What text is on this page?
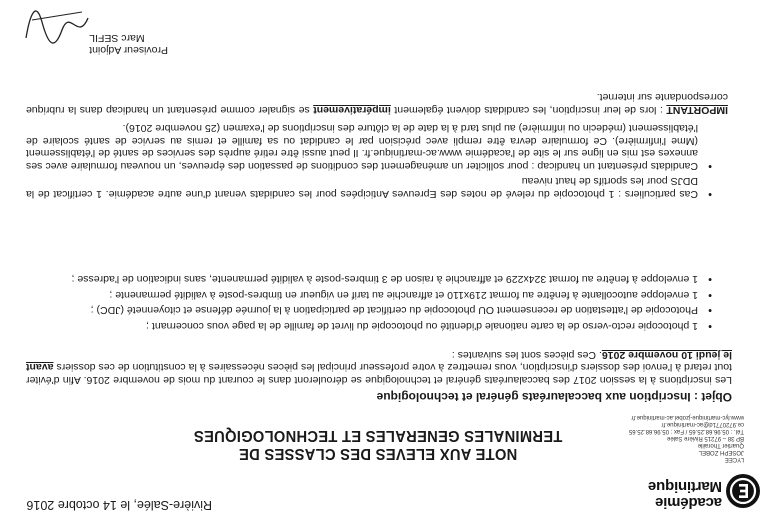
académie
Martinique
Rivière-Salée, le 14 octobre 2016
LYCEE
JOSEPH ZOBEL
Quartier Thoraille
BP 38 – 97215 Rivière Salée
Tél. : 05.96.68.25.65 / Fax : 05.96.68.25.65
ce.9720771d@ac-martinique.fr
www.lyc-martinique-jzobel.ac-martinique.fr
NOTE AUX ELEVES DES CLASSES DE
TERMINALES GENERALES ET TECHNOLOGIQUES
Objet : Inscription aux baccalauréats général et technologique
Les inscriptions à la session 2017 des baccalauréats général et technologique se dérouleront dans le courant du mois de novembre 2016. Afin d'éviter tout retard à l'envoi des dossiers d'inscription, vous remettrez à votre professeur principal les pièces nécessaires à la constitution de ces dossiers avant le jeudi 10 novembre 2016. Ces pièces sont les suivantes :
• 1 photocopie recto-verso de la carte nationale d'identité ou photocopie du livret de famille de la page vous concernant ;
• Photocopie de l'attestation de recensement OU photocopie du certificat de participation à la journée défense et citoyenneté (JDC) ;
• 1 enveloppe autocollante à fenêtre au format 219x110 et affranchie au tarif en vigueur en timbres-poste à validité permanente ;
• 1 enveloppe à fenêtre au format 324x229 et affranchie à raison de 3 timbres-poste à validité permanente, sans indication de l'adresse ;
• Cas particuliers : 1 photocopie du relevé de notes des Epreuves Anticipées pour les candidats venant d'une autre académie. 1 certificat de la DDJS pour les sportifs de haut niveau
• Candidats présentant un handicap : pour solliciter un aménagement des conditions de passation des épreuves, un nouveau formulaire avec ses annexes est mis en ligne sur le site de l'académie www.ac-martinique.fr. Il peut aussi être retiré auprès des services de santé de l'établissement (Mme l'infirmière). Ce formulaire devra être rempli avec précision par le candidat ou sa famille et remis au service de santé scolaire de l'établissement (médecin ou infirmière) au plus tard à la date de la clôture des inscriptions de l'examen (25 novembre 2016).
IMPORTANT : lors de leur inscription, les candidats doivent également impérativement se signaler comme présentant un handicap dans la rubrique correspondante sur internet.
Proviseur Adjoint
Marc SEFIL
